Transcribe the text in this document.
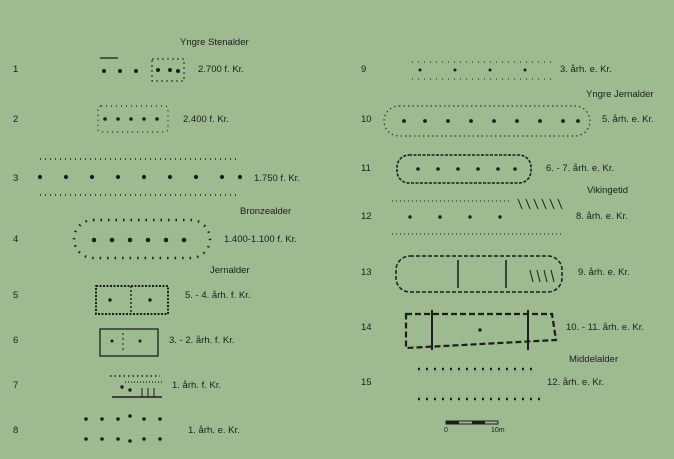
Yngre Stenalder
Bronzealder
Jernalder
Yngre Jernalder
Vikingetid
Middelalder
1
2
3
4
5
6
7
8
9
10
11
12
13
14
15
2.700 f. Kr.
2.400 f. Kr.
1.750 f. Kr.
1.400-1.100 f. Kr.
5. - 4. årh. f. Kr.
3. - 2. årh. f. Kr.
1. årh. f. Kr.
1. årh. e. Kr.
3. årh. e. Kr.
5. årh. e. Kr.
6. - 7. årh. e. Kr.
8. årh. e. Kr.
9. årh. e. Kr.
10. - 11. årh. e. Kr.
12. årh. e. Kr.
0	10m
